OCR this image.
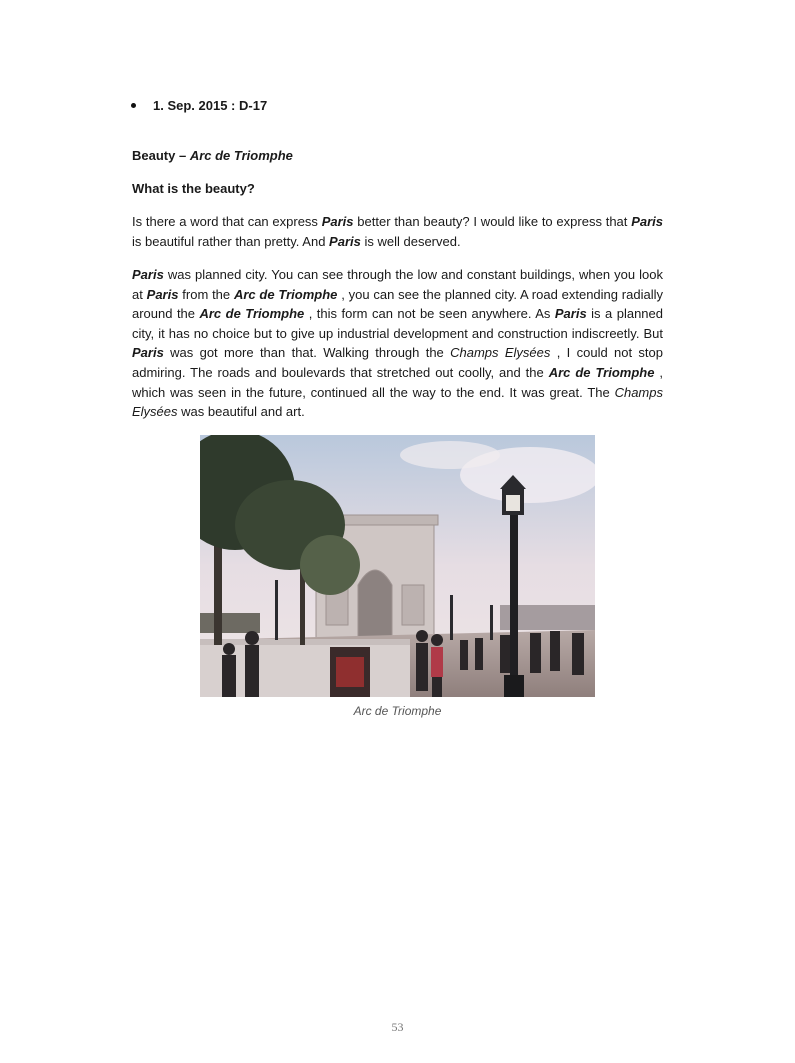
1. Sep. 2015 : D-17
Beauty – Arc de Triomphe
What is the beauty?

Is there a word that can express Paris better than beauty? I would like to express that Paris is beautiful rather than pretty. And Paris is well deserved.

Paris was planned city. You can see through the low and constant buildings, when you look at Paris from the Arc de Triomphe , you can see the planned city. A road extending radially around the Arc de Triomphe , this form can not be seen anywhere. As Paris is a planned city, it has no choice but to give up industrial development and construction indiscreetly. But Paris was got more than that. Walking through the Champs Elysées , I could not stop admiring. The roads and boulevards that stretched out coolly, and the Arc de Triomphe , which was seen in the future, continued all the way to the end. It was great. The Champs Elysées was beautiful and art.

Arc de Triomphe
53
